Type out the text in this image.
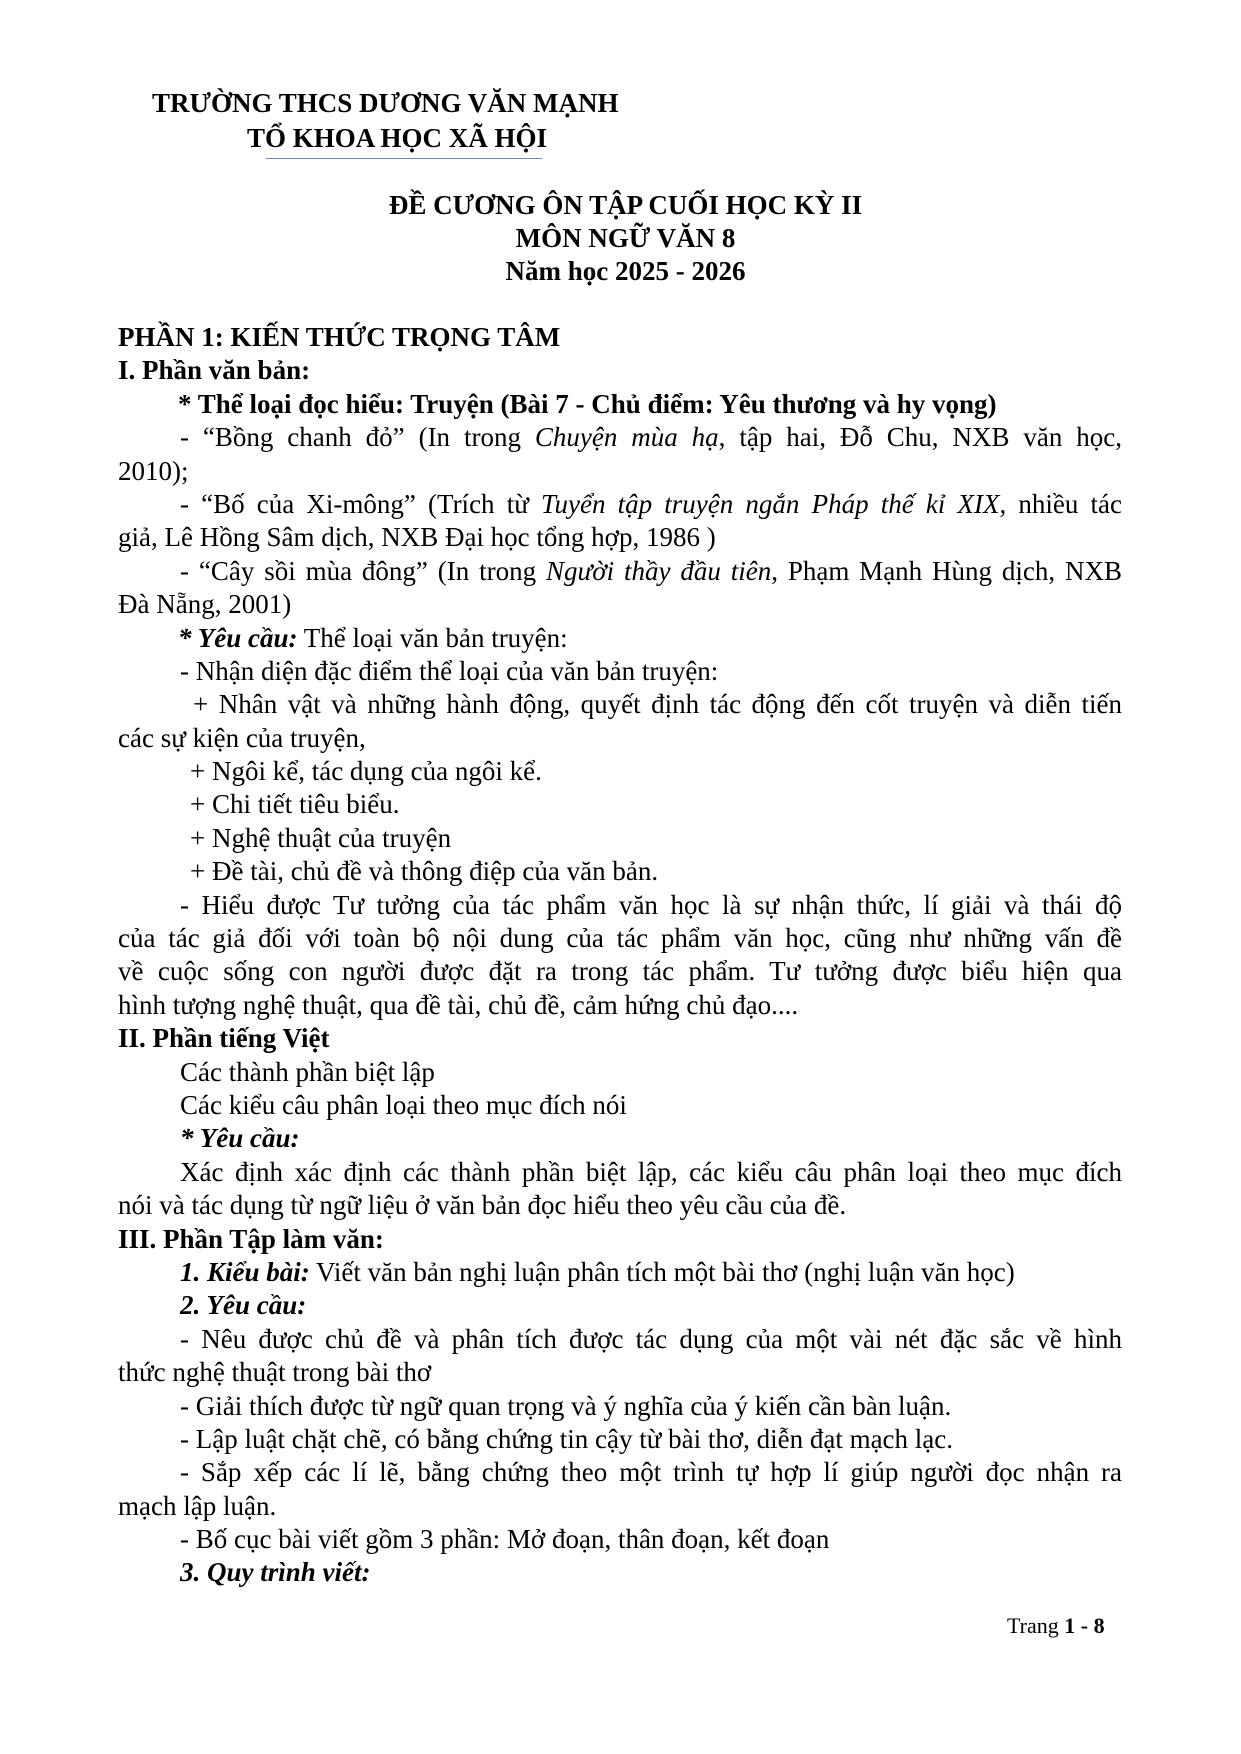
TRƯỜNG THCS DƯƠNG VĂN MẠNH
TỔ KHOA HỌC XÃ HỘI
ĐỀ CƯƠNG ÔN TẬP CUỐI HỌC KỲ II
MÔN NGỮ VĂN 8
Năm học 2025 - 2026
PHẦN 1: KIẾN THỨC TRỌNG TÂM
I. Phần văn bản:
* Thể loại đọc hiểu: Truyện (Bài 7 - Chủ điểm: Yêu thương và hy vọng)
- “Bồng chanh đỏ” (In trong Chuyện mùa hạ, tập hai, Đỗ Chu, NXB văn học,
2010);
- “Bố của Xi-mông” (Trích từ Tuyển tập truyện ngắn Pháp thế kỉ XIX, nhiều tác
giả, Lê Hồng Sâm dịch, NXB Đại học tổng hợp, 1986 )
- “Cây sồi mùa đông” (In trong Người thầy đầu tiên, Phạm Mạnh Hùng dịch, NXB
Đà Nẵng, 2001)
* Yêu cầu: Thể loại văn bản truyện:
- Nhận diện đặc điểm thể loại của văn bản truyện:
+ Nhân vật và những hành động, quyết định tác động đến cốt truyện và diễn tiến
các sự kiện của truyện,
+ Ngôi kể, tác dụng của ngôi kể.
+ Chi tiết tiêu biểu.
+ Nghệ thuật của truyện
+ Đề tài, chủ đề và thông điệp của văn bản.
- Hiểu được Tư tưởng của tác phẩm văn học là sự nhận thức, lí giải và thái độ
của tác giả đối với toàn bộ nội dung của tác phẩm văn học, cũng như những vấn đề
về cuộc sống con người được đặt ra trong tác phẩm. Tư tưởng được biểu hiện qua
hình tượng nghệ thuật, qua đề tài, chủ đề, cảm hứng chủ đạo....
II. Phần tiếng Việt
Các thành phần biệt lập
Các kiểu câu phân loại theo mục đích nói
* Yêu cầu:
Xác định xác định các thành phần biệt lập, các kiểu câu phân loại theo mục đích
nói và tác dụng từ ngữ liệu ở văn bản đọc hiểu theo yêu cầu của đề.
III. Phần Tập làm văn:
1. Kiểu bài: Viết văn bản nghị luận phân tích một bài thơ (nghị luận văn học)
2. Yêu cầu:
- Nêu được chủ đề và phân tích được tác dụng của một vài nét đặc sắc về hình
thức nghệ thuật trong bài thơ
- Giải thích được từ ngữ quan trọng và ý nghĩa của ý kiến cần bàn luận.
- Lập luật chặt chẽ, có bằng chứng tin cậy từ bài thơ, diễn đạt mạch lạc.
- Sắp xếp các lí lẽ, bằng chứng theo một trình tự hợp lí giúp người đọc nhận ra
mạch lập luận.
- Bố cục bài viết gồm 3 phần: Mở đoạn, thân đoạn, kết đoạn
3. Quy trình viết:
Trang 1 - 8
